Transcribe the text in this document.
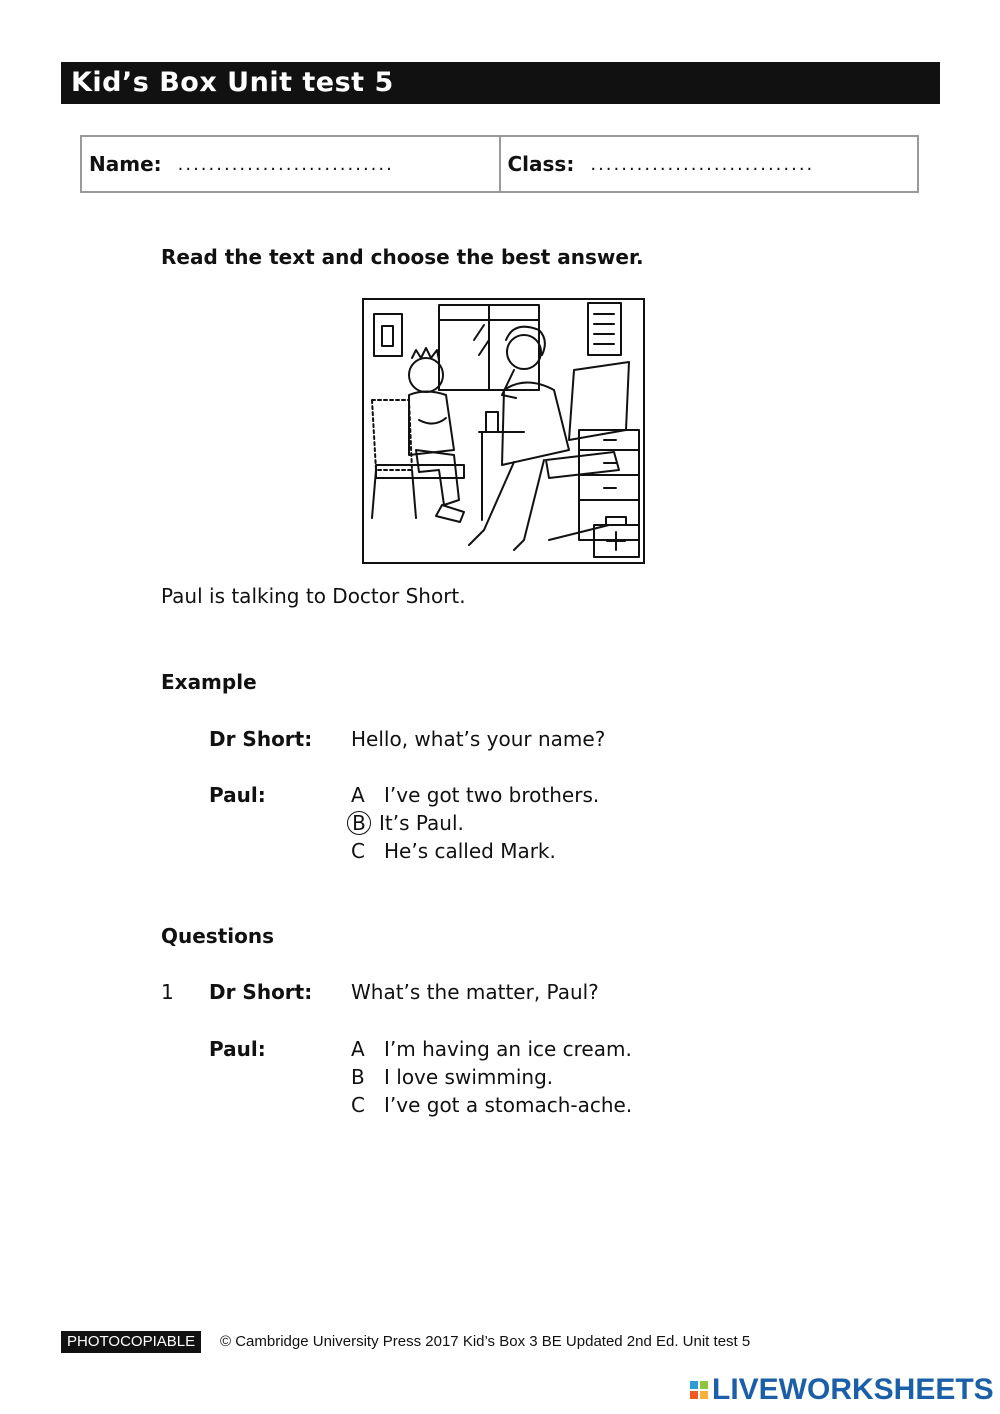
Kid’s Box Unit test 5
Name: ............................	Class: .............................
Read the text and choose the best answer.
Paul is talking to Doctor Short.
Example
Dr Short: Hello, what’s your name?
Paul:	A I’ve got two brothers.
B It’s Paul.
C He’s called Mark.
Questions
1 Dr Short: What’s the matter, Paul?
Paul:	A I’m having an ice cream.
B I love swimming.
C I’ve got a stomach-ache.
PHOTOCOPIABLE	© Cambridge University Press 2017 Kid’s Box 3 BE Updated 2nd Ed. Unit test 5
LIVEWORKSHEETS
